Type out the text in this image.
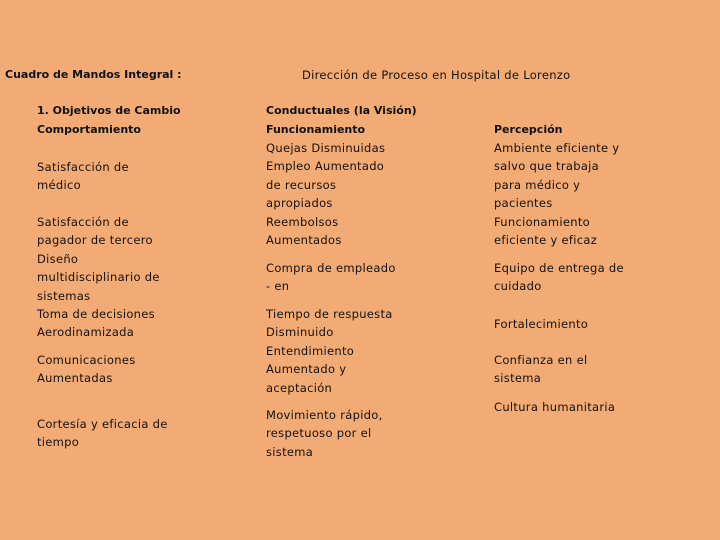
Cuadro de Mandos Integral :	Dirección de Proceso en Hospital de Lorenzo
1. Objetivos de Cambio
Comportamiento
Conductuales (la Visión)
Funcionamiento	Percepción
Satisfacción de
médico
Satisfacción de
pagador de tercero
Diseño
multidisciplinario de
sistemas
Toma de decisiones
Aerodinamizada
Comunicaciones
Aumentadas
Cortesía y eficacia de
tiempo
Quejas Disminuidas
Empleo Aumentado
de recursos
apropiados
Reembolsos
Aumentados
Compra de empleado
- en
Tiempo de respuesta
Disminuido
Entendimiento
Aumentado y
aceptación
Movimiento rápido,
respetuoso por el
sistema
Ambiente eficiente y
salvo que trabaja
para médico y
pacientes
Funcionamiento
eficiente y eficaz
Equipo de entrega de
cuidado
Fortalecimiento
Confianza en el
sistema
Cultura humanitaria
